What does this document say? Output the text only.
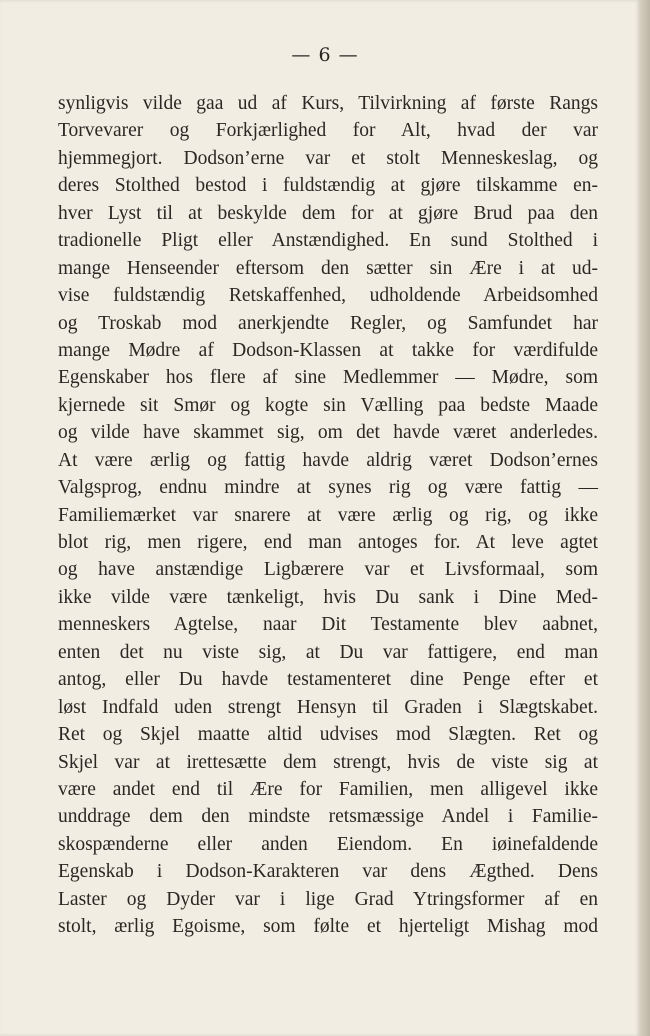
— 6 —
synligvis vilde gaa ud af Kurs, Tilvirkning af første Rangs
Torvevarer og Forkjærlighed for Alt, hvad der var
hjemmegjort. Dodson’erne var et stolt Menneskeslag, og
deres Stolthed bestod i fuldstændig at gjøre tilskamme en-
hver Lyst til at beskylde dem for at gjøre Brud paa den
tradionelle Pligt eller Anstændighed. En sund Stolthed i
mange Henseender eftersom den sætter sin Ære i at ud-
vise fuldstændig Retskaffenhed, udholdende Arbeidsomhed
og Troskab mod anerkjendte Regler, og Samfundet har
mange Mødre af Dodson-Klassen at takke for værdifulde
Egenskaber hos flere af sine Medlemmer — Mødre, som
kjernede sit Smør og kogte sin Vælling paa bedste Maade
og vilde have skammet sig, om det havde været anderledes.
At være ærlig og fattig havde aldrig været Dodson’ernes
Valgsprog, endnu mindre at synes rig og være fattig —
Familiemærket var snarere at være ærlig og rig, og ikke
blot rig, men rigere, end man antoges for. At leve agtet
og have anstændige Ligbærere var et Livsformaal, som
ikke vilde være tænkeligt, hvis Du sank i Dine Med-
menneskers Agtelse, naar Dit Testamente blev aabnet,
enten det nu viste sig, at Du var fattigere, end man
antog, eller Du havde testamenteret dine Penge efter et
løst Indfald uden strengt Hensyn til Graden i Slægtskabet.
Ret og Skjel maatte altid udvises mod Slægten. Ret og
Skjel var at irettesætte dem strengt, hvis de viste sig at
være andet end til Ære for Familien, men alligevel ikke
unddrage dem den mindste retsmæssige Andel i Familie-
skospænderne eller anden Eiendom. En iøinefaldende
Egenskab i Dodson-Karakteren var dens Ægthed. Dens
Laster og Dyder var i lige Grad Ytringsformer af en
stolt, ærlig Egoisme, som følte et hjerteligt Mishag mod
